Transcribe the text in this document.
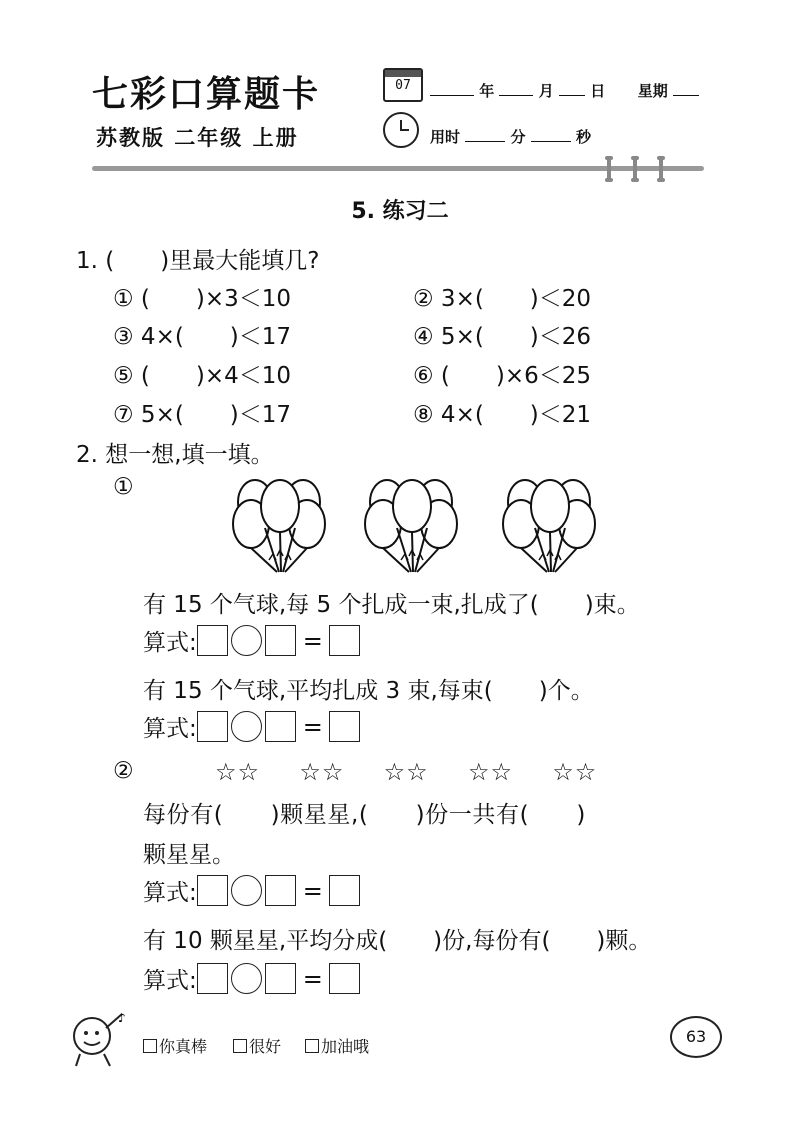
七彩口算题卡
苏教版 二年级 上册
07	年	月 日 星期
用时	分	秒
5. 练习二
1. (　　)里最大能填几?
① (　　)×3＜10	② 3×(　　)＜20
③ 4×(　　)＜17	④ 5×(　　)＜26
⑤ (　　)×4＜10	⑥ (　　)×6＜25
⑦ 5×(　　)＜17	⑧ 4×(　　)＜21
2. 想一想,填一填。
①
有 15 个气球,每 5 个扎成一束,扎成了(　　)束。
算式:	=
有 15 个气球,平均扎成 3 束,每束(　　)个。
算式:	=
②	☆☆ ☆☆ ☆☆ ☆☆ ☆☆
每份有(　　)颗星星,(　　)份一共有(　　)
颗星星。
算式:	=
有 10 颗星星,平均分成(　　)份,每份有(　　)颗。
算式:	=
♪
你真棒	很好	加油哦
63
